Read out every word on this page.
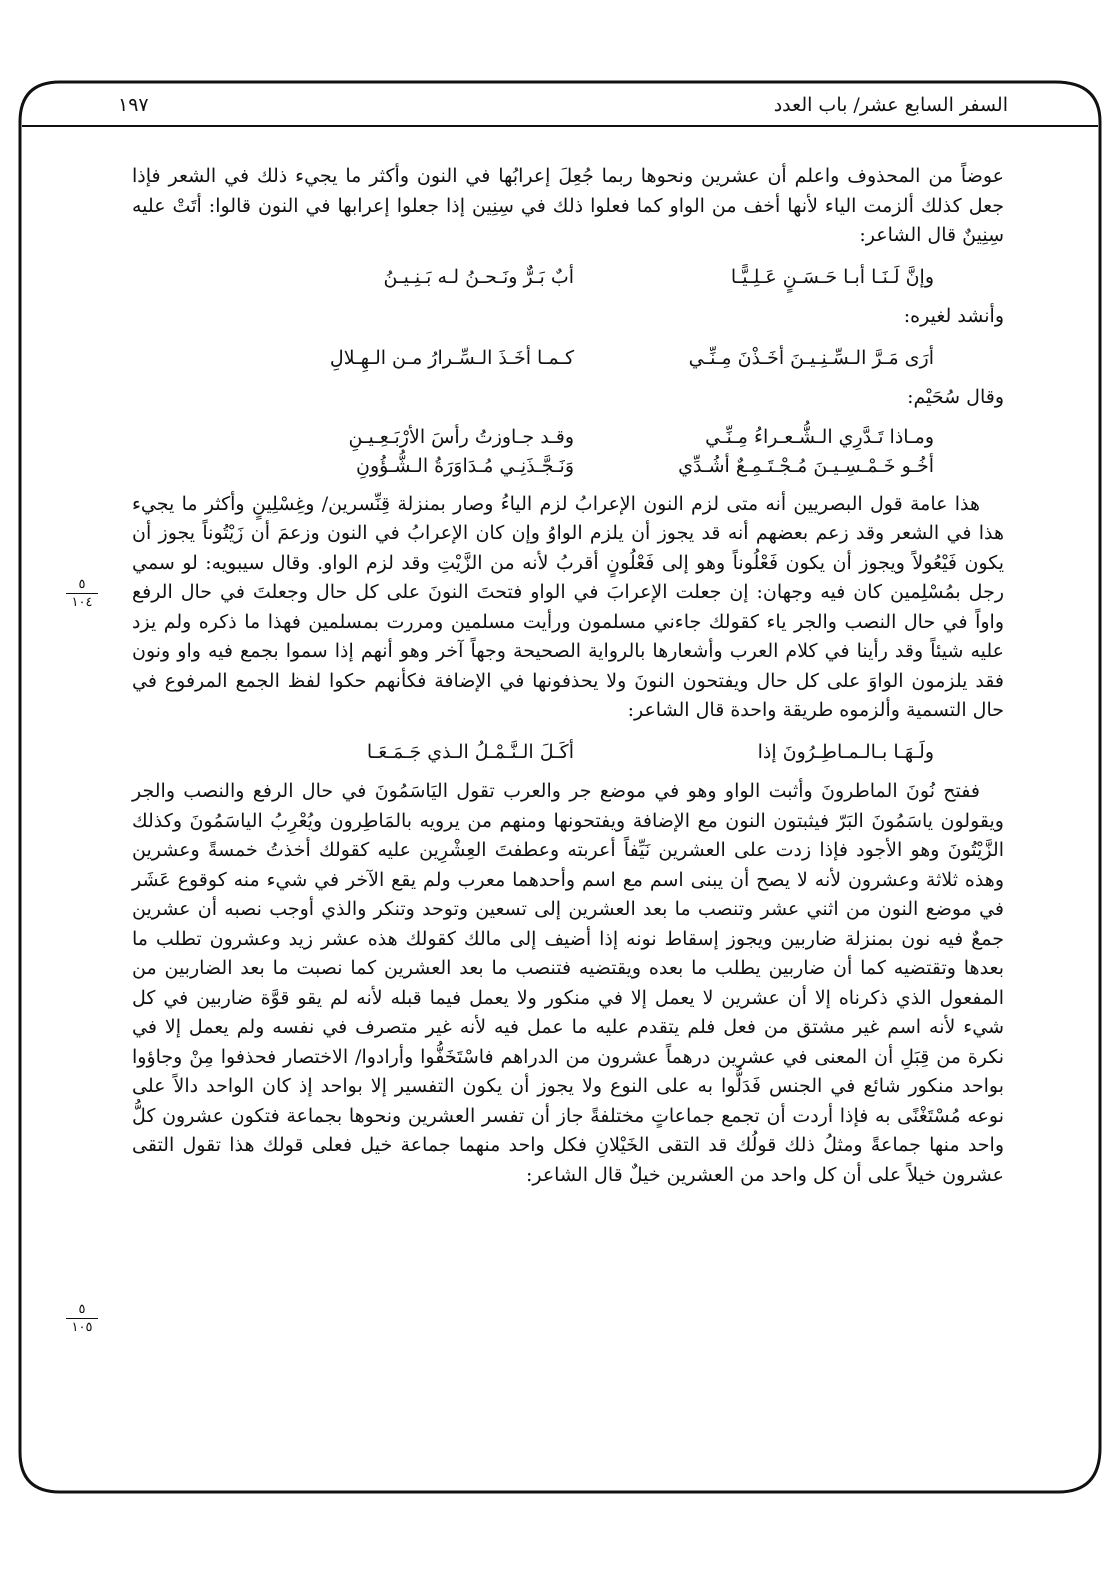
السفر السابع عشر/ باب العدد
١٩٧
٥
١٠٤
٥
١٠٥

عوضاً من المحذوف واعلم أن عشرين ونحوها ربما جُعِلَ إعرابُها في النون وأكثر ما يجيء ذلك في الشعر فإذا جعل كذلك ألزمت الياء لأنها أخف من الواو كما فعلوا ذلك في سِنِين إذا جعلوا إعرابها في النون قالوا: أتَتْ عليه سِنِينٌ قال الشاعر:

وإنَّ لَـنَـا أبـا حَـسَـنٍ عَـلِـيًّـا
أبٌ بَـرٌّ ونَـحـنُ لـه بَـنِـيـنُ

وأنشد لغيره:

أرَى مَـرَّ الـسِّـنِـيـنَ أخَـذْنَ مِـنِّـي
كـمـا أخَـذَ الـسِّـرارُ مـن الـهِـلالِ

وقال سُحَيْم:

ومـاذا تَـدَّرِي الـشُّـعـراءُ مِـنِّـي
وقـد جـاوزتُ رأسَ الأرْبَـعِـيـنِ
أخُـو خَـمْـسِـيـنَ مُـجْـتَـمِـعٌ أشُـدِّي
وَنَـجَّـذَنِـي مُـدَاوَرَةُ الـشُّـؤُونِ

هذا عامة قول البصريين أنه متى لزم النون الإعرابُ لزم الياءُ وصار بمنزلة قِنِّسرين/ وغِسْلِينٍ وأكثر ما يجيء هذا في الشعر وقد زعم بعضهم أنه قد يجوز أن يلزم الواوُ وإن كان الإعرابُ في النون وزعمَ أن زَيْتُوناً يجوز أن يكون فَيْعُولاً ويجوز أن يكون فَعْلُوناً وهو إلى فَعْلُونٍ أقربُ لأنه من الزَّيْتِ وقد لزم الواو. وقال سيبويه: لو سمي رجل بمُسْلِمين كان فيه وجهان: إن جعلت الإعرابَ في الواو فتحتَ النونَ على كل حال وجعلتَ في حال الرفع واواً في حال النصب والجر ياء كقولك جاءني مسلمون ورأيت مسلمين ومررت بمسلمين فهذا ما ذكره ولم يزد عليه شيئاً وقد رأينا في كلام العرب وأشعارها بالرواية الصحيحة وجهاً آخر وهو أنهم إذا سموا بجمع فيه واو ونون فقد يلزمون الواوَ على كل حال ويفتحون النونَ ولا يحذفونها في الإضافة فكأنهم حكوا لفظ الجمع المرفوع في حال التسمية وألزموه طريقة واحدة قال الشاعر:

ولَـهَـا بـالـمـاطِـرُونَ إذا
أكَـلَ الـنَّـمْـلُ الـذي جَـمَـعَـا

ففتح نُونَ الماطرونَ وأثبت الواو وهو في موضع جر والعرب تقول اليَاسَمُونَ في حال الرفع والنصب والجر ويقولون ياسَمُونَ البَرّ فيثبتون النون مع الإضافة ويفتحونها ومنهم من يرويه بالمَاطِرون ويُعْرِبُ الياسَمُونَ وكذلك الزَّيْتُونَ وهو الأجود فإذا زدت على العشرين نَيِّفاً أعربته وعطفتَ العِشْرِين عليه كقولك أخذتُ خمسةً وعشرين وهذه ثلاثة وعشرون لأنه لا يصح أن يبنى اسم مع اسم وأحدهما معرب ولم يقع الآخر في شيء منه كوقوع عَشَر في موضع النون من اثني عشر وتنصب ما بعد العشرين إلى تسعين وتوحد وتنكر والذي أوجب نصبه أن عشرين جمعٌ فيه نون بمنزلة ضاربين ويجوز إسقاط نونه إذا أضيف إلى مالك كقولك هذه عشر زيد وعشرون تطلب ما بعدها وتقتضيه كما أن ضاربين يطلب ما بعده ويقتضيه فتنصب ما بعد العشرين كما نصبت ما بعد الضاربين من المفعول الذي ذكرناه إلا أن عشرين لا يعمل إلا في منكور ولا يعمل فيما قبله لأنه لم يقو قوَّة ضاربين في كل شيء لأنه اسم غير مشتق من فعل فلم يتقدم عليه ما عمل فيه لأنه غير متصرف في نفسه ولم يعمل إلا في نكرة من قِبَلِ أن المعنى في عشرين درهماً عشرون من الدراهم فاسْتَخَفُّوا وأرادوا/ الاختصار فحذفوا مِنْ وجاؤوا بواحد منكور شائع في الجنس فَدَلُّوا به على النوع ولا يجوز أن يكون التفسير إلا بواحد إذ كان الواحد دالاً على نوعه مُسْتَغْنًى به فإذا أردت أن تجمع جماعاتٍ مختلفةً جاز أن تفسر العشرين ونحوها بجماعة فتكون عشرون كلُّ واحد منها جماعةً ومثلُ ذلك قولُك قد التقى الخَيْلانِ فكل واحد منهما جماعة خيل فعلى قولك هذا تقول التقى عشرون خيلاً على أن كل واحد من العشرين خيلٌ قال الشاعر:
